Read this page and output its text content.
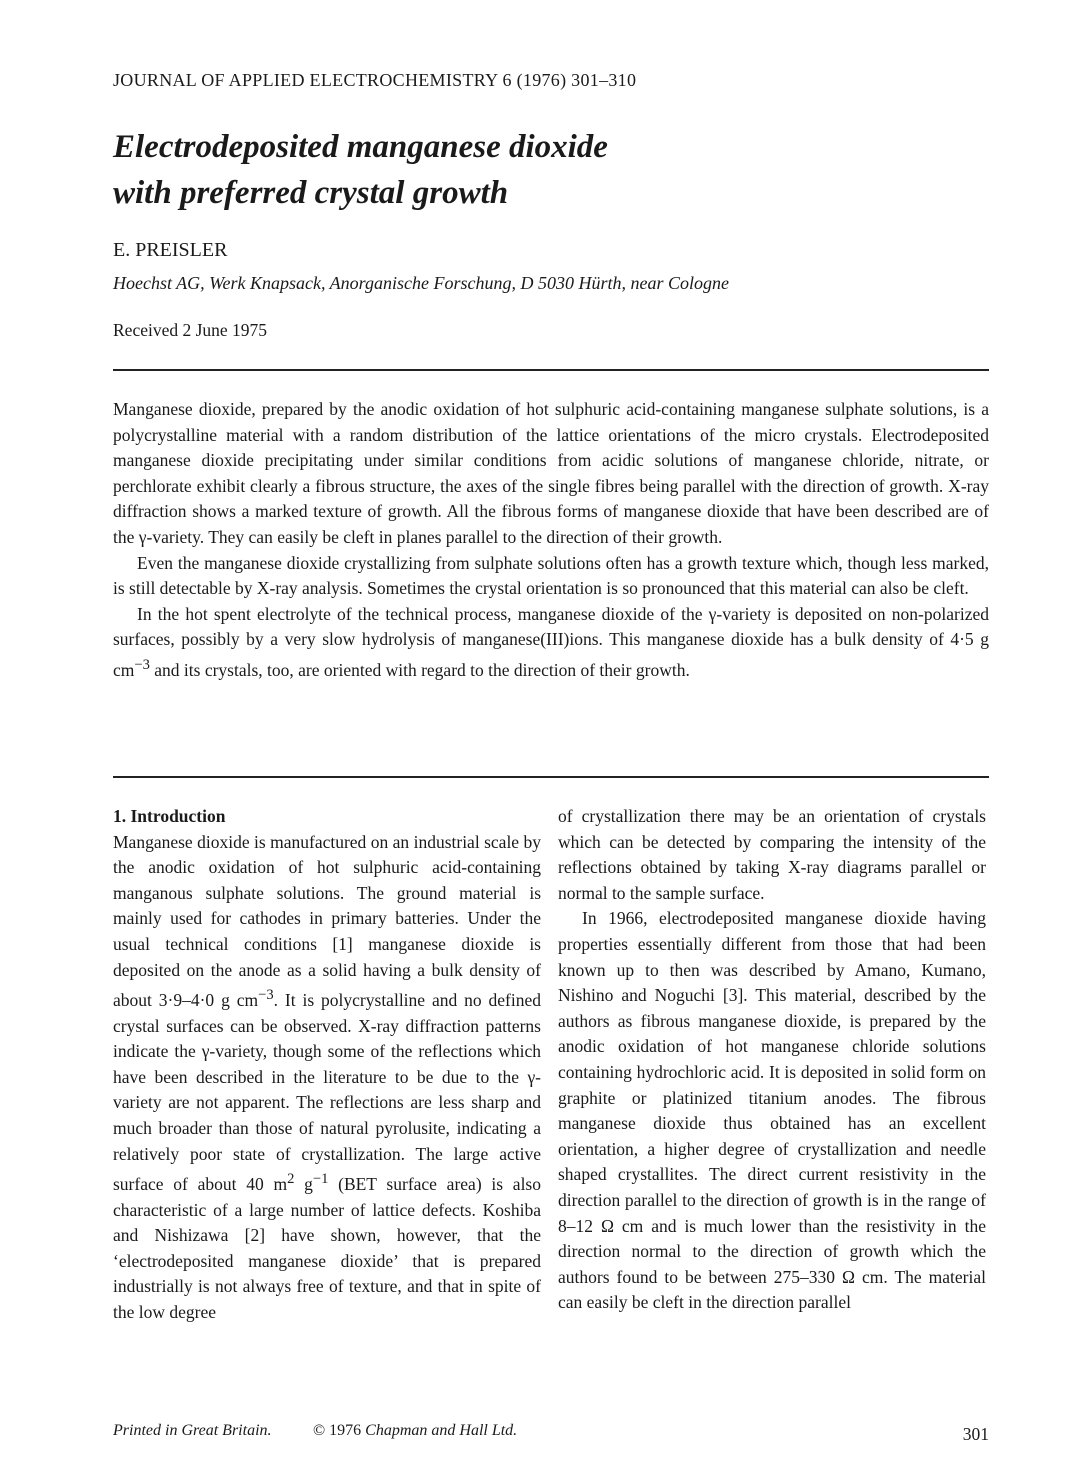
JOURNAL OF APPLIED ELECTROCHEMISTRY 6 (1976) 301–310
Electrodeposited manganese dioxide
with preferred crystal growth
E. PREISLER
Hoechst AG, Werk Knapsack, Anorganische Forschung, D 5030 Hürth, near Cologne
Received 2 June 1975

Manganese dioxide, prepared by the anodic oxidation of hot sulphuric acid-containing manganese sulphate solutions, is a polycrystalline material with a random distribution of the lattice orientations of the micro crystals. Electrodeposited manganese dioxide precipitating under similar conditions from acidic solutions of manganese chloride, nitrate, or perchlorate exhibit clearly a fibrous structure, the axes of the single fibres being parallel with the direction of growth. X-ray diffraction shows a marked texture of growth. All the fibrous forms of manganese dioxide that have been described are of the γ-variety. They can easily be cleft in planes parallel to the direction of their growth.

Even the manganese dioxide crystallizing from sulphate solutions often has a growth texture which, though less marked, is still detectable by X-ray analysis. Sometimes the crystal orientation is so pronounced that this material can also be cleft.

In the hot spent electrolyte of the technical process, manganese dioxide of the γ-variety is deposited on non-polarized surfaces, possibly by a very slow hydrolysis of manganese(III)ions. This manganese dioxide has a bulk density of 4·5 g $cm^{-3}$ and its crystals, too, are oriented with regard to the direction of their growth.

1. Introduction

Manganese dioxide is manufactured on an industrial scale by the anodic oxidation of hot sulphuric acid-containing manganous sulphate solutions. The ground material is mainly used for cathodes in primary batteries. Under the usual technical conditions [1] manganese dioxide is deposited on the anode as a solid having a bulk density of about 3·9–4·0 g $cm^{-3}$. It is polycrystalline and no defined crystal surfaces can be observed. X-ray diffraction patterns indicate the γ-variety, though some of the reflections which have been described in the literature to be due to the γ-variety are not apparent. The reflections are less sharp and much broader than those of natural pyrolusite, indicating a relatively poor state of crystallization. The large active surface of about 40 $m^2$ $g^{-1}$ (BET surface area) is also characteristic of a large number of lattice defects. Koshiba and Nishizawa [2] have shown, however, that the ‘electrodeposited manganese dioxide’ that is prepared industrially is not always free of texture, and that in spite of the low degree

of crystallization there may be an orientation of crystals which can be detected by comparing the intensity of the reflections obtained by taking X-ray diagrams parallel or normal to the sample surface.

In 1966, electrodeposited manganese dioxide having properties essentially different from those that had been known up to then was described by Amano, Kumano, Nishino and Noguchi [3]. This material, described by the authors as fibrous manganese dioxide, is prepared by the anodic oxidation of hot manganese chloride solutions containing hydrochloric acid. It is deposited in solid form on graphite or platinized titanium anodes. The fibrous manganese dioxide thus obtained has an excellent orientation, a higher degree of crystallization and needle shaped crystallites. The direct current resistivity in the direction parallel to the direction of growth is in the range of 8–12 Ω cm and is much lower than the resistivity in the direction normal to the direction of growth which the authors found to be between 275–330 Ω cm. The material can easily be cleft in the direction parallel

Printed in Great Britain.	© 1976 Chapman and Hall Ltd.	301
